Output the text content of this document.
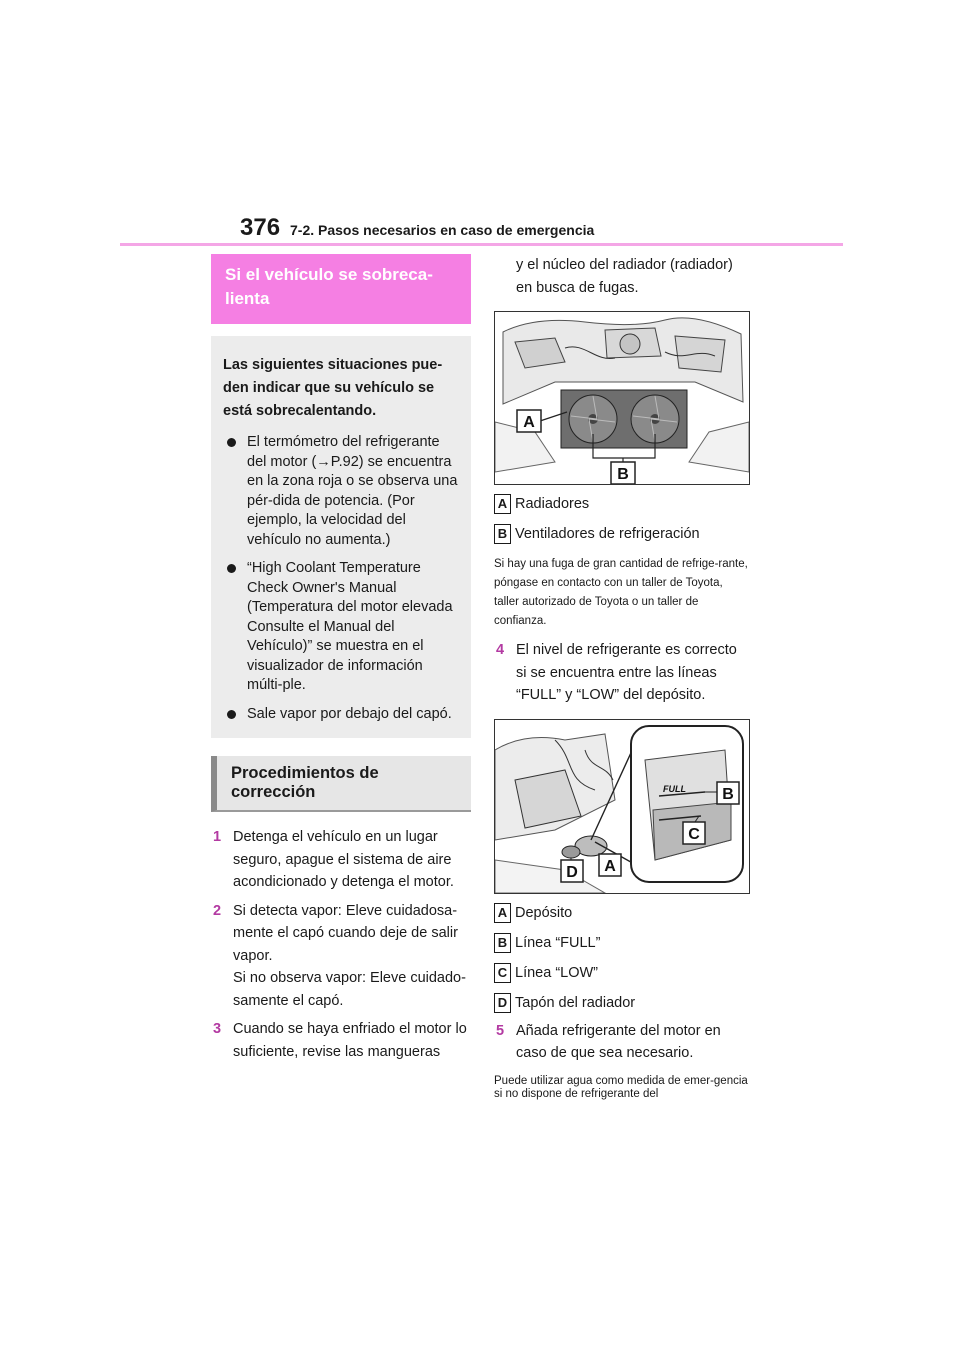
376 7-2. Pasos necesarios en caso de emergencia
Si el vehículo se sobreca-lienta

Las siguientes situaciones pue-den indicar que su vehículo se está sobrecalentando.

El termómetro del refrigerante del motor (→P.92) se encuentra en la zona roja o se observa una pér-dida de potencia. (Por ejemplo, la velocidad del vehículo no aumenta.)
“High Coolant Temperature Check Owner's Manual (Temperatura del motor elevada Consulte el Manual del Vehículo)” se muestra en el visualizador de información múlti-ple.
Sale vapor por debajo del capó.
Procedimientos de corrección
1 Detenga el vehículo en un lugar seguro, apague el sistema de aire acondicionado y detenga el motor.
2 Si detecta vapor: Eleve cuidadosa-mente el capó cuando deje de salir vapor.
Si no observa vapor: Eleve cuidado-samente el capó.
3 Cuando se haya enfriado el motor lo suficiente, revise las mangueras
y el núcleo del radiador (radiador) en busca de fugas.
A
B
A Radiadores
B Ventiladores de refrigeración
Si hay una fuga de gran cantidad de refrige-rante, póngase en contacto con un taller de Toyota, taller autorizado de Toyota o un taller de confianza.
4 El nivel de refrigerante es correcto si se encuentra entre las líneas “FULL” y “LOW” del depósito.
FULL B
C
A
D
A Depósito
B Línea “FULL”
C Línea “LOW”
D Tapón del radiador
5 Añada refrigerante del motor en caso de que sea necesario.
Puede utilizar agua como medida de emer-gencia si no dispone de refrigerante del
